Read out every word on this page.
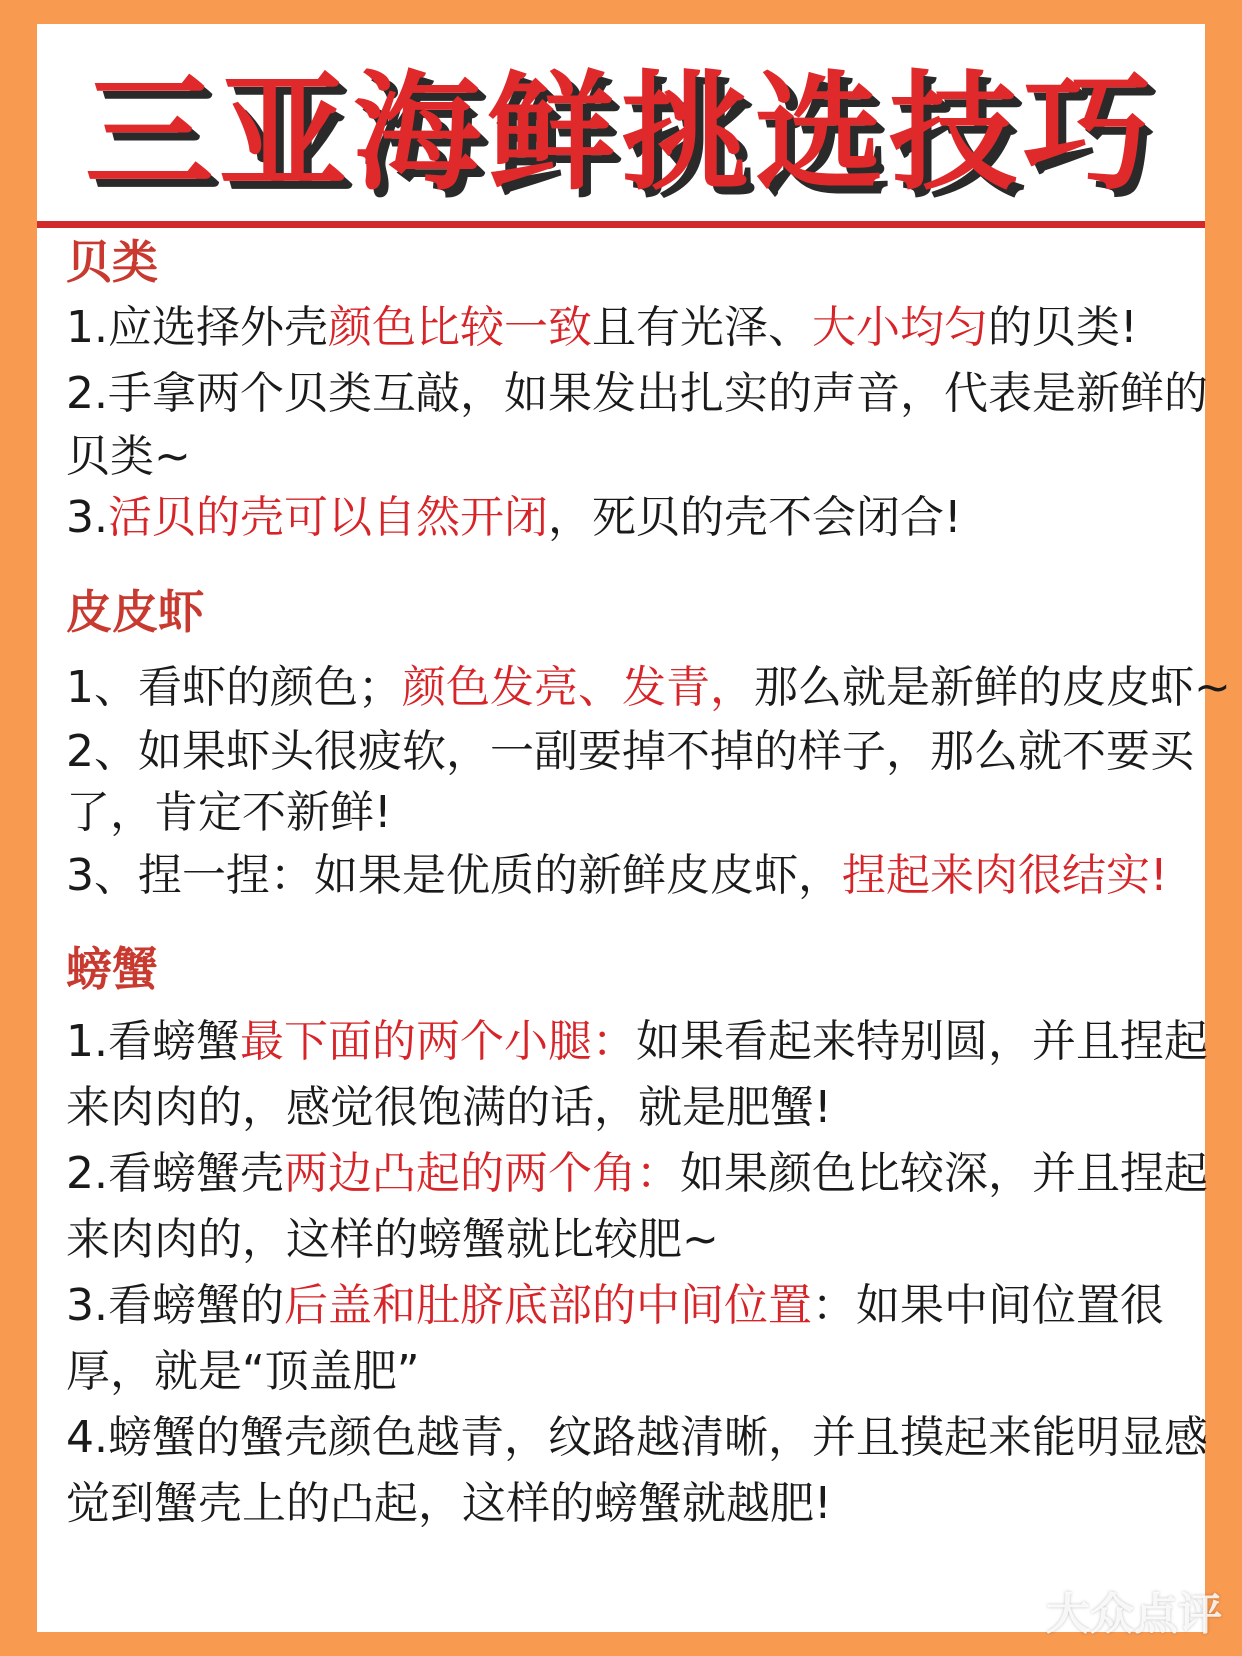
三亚海鲜挑选技巧
贝类
1.应选择外壳颜色比较一致且有光泽、大小均匀的贝类!
2.手拿两个贝类互敲，如果发出扎实的声音，代表是新鲜的
贝类~
3.活贝的壳可以自然开闭，死贝的壳不会闭合!
皮皮虾
1、看虾的颜色；颜色发亮、发青，那么就是新鲜的皮皮虾~
2、如果虾头很疲软，一副要掉不掉的样子，那么就不要买
了，肯定不新鲜!
3、捏一捏：如果是优质的新鲜皮皮虾，捏起来肉很结实!
螃蟹
1.看螃蟹最下面的两个小腿：如果看起来特别圆，并且捏起
来肉肉的，感觉很饱满的话，就是肥蟹!
2.看螃蟹壳两边凸起的两个角：如果颜色比较深，并且捏起
来肉肉的，这样的螃蟹就比较肥~
3.看螃蟹的后盖和肚脐底部的中间位置：如果中间位置很
厚，就是“顶盖肥”
4.螃蟹的蟹壳颜色越青，纹路越清晰，并且摸起来能明显感
觉到蟹壳上的凸起，这样的螃蟹就越肥!
大众点评
